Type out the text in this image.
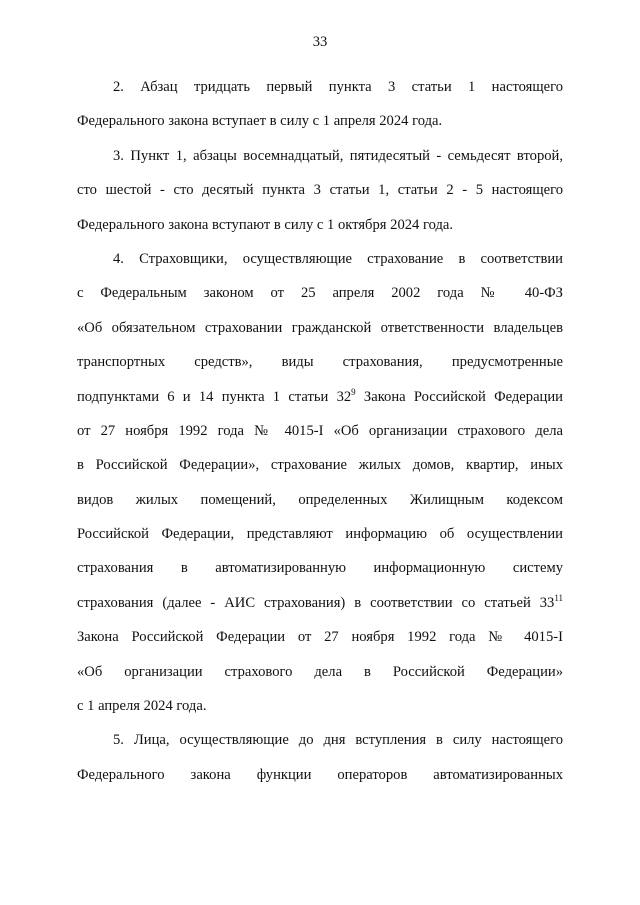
33
2. Абзац тридцать первый пункта 3 статьи 1 настоящего
Федерального закона вступает в силу с 1 апреля 2024 года.
3. Пункт 1, абзацы восемнадцатый, пятидесятый - семьдесят второй,
сто шестой - сто десятый пункта 3 статьи 1, статьи 2 - 5 настоящего
Федерального закона вступают в силу с 1 октября 2024 года.
4. Страховщики, осуществляющие страхование в соответствии
с Федеральным законом от 25 апреля 2002 года № 40-ФЗ
«Об обязательном страховании гражданской ответственности владельцев
транспортных средств», виды страхования, предусмотренные
подпунктами 6 и 14 пункта 1 статьи $32^9$ Закона Российской Федерации
от 27 ноября 1992 года № 4015-I «Об организации страхового дела
в Российской Федерации», страхование жилых домов, квартир, иных
видов жилых помещений, определенных Жилищным кодексом
Российской Федерации, представляют информацию об осуществлении
страхования в автоматизированную информационную систему
страхования (далее - АИС страхования) в соответствии со статьей $33^{11}$
Закона Российской Федерации от 27 ноября 1992 года № 4015-I
«Об организации страхового дела в Российской Федерации»
с 1 апреля 2024 года.
5. Лица, осуществляющие до дня вступления в силу настоящего
Федерального закона функции операторов автоматизированных
